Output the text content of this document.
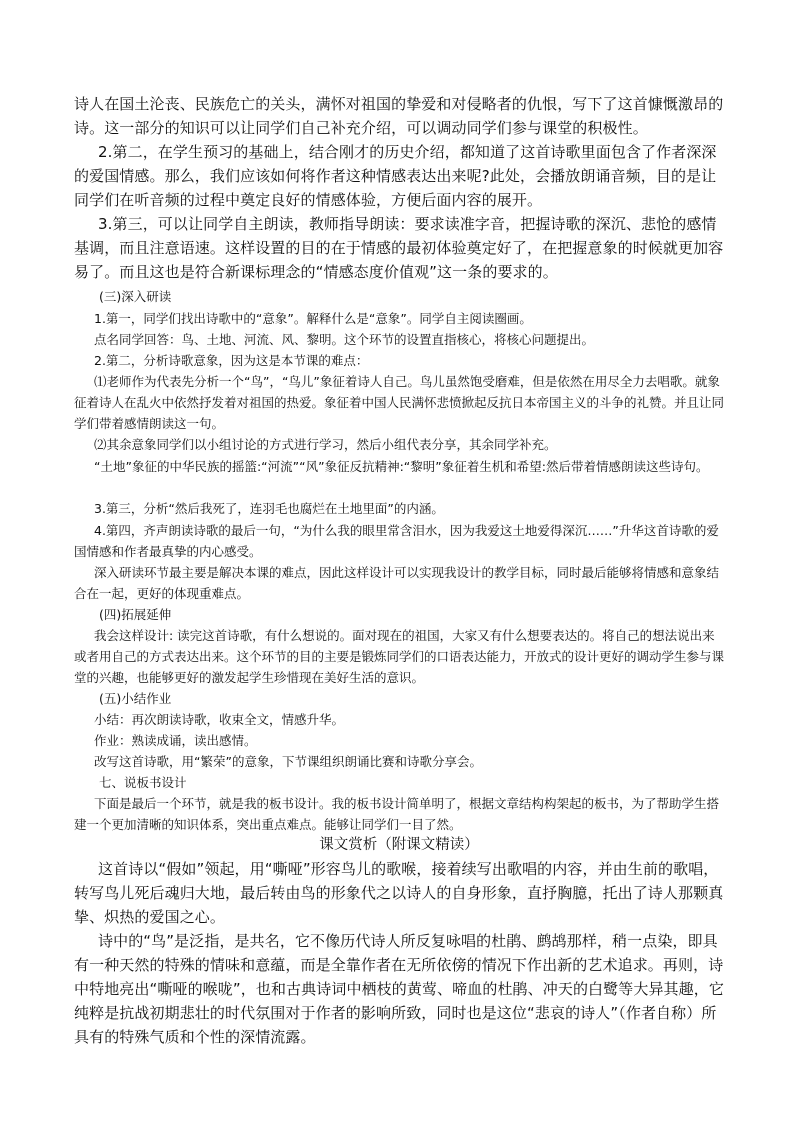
诗人在国土沦丧、民族危亡的关头，满怀对祖国的挚爱和对侵略者的仇恨，写下了这首慷慨激昂的诗。这一部分的知识可以让同学们自己补充介绍，可以调动同学们参与课堂的积极性。

2.第二，在学生预习的基础上，结合刚才的历史介绍，都知道了这首诗歌里面包含了作者深深的爱国情感。那么，我们应该如何将作者这种情感表达出来呢?此处，会播放朗诵音频，目的是让同学们在听音频的过程中奠定良好的情感体验，方便后面内容的展开。

3.第三，可以让同学自主朗读，教师指导朗读：要求读准字音，把握诗歌的深沉、悲怆的感情基调，而且注意语速。这样设置的目的在于情感的最初体验奠定好了，在把握意象的时候就更加容易了。而且这也是符合新课标理念的“情感态度价值观”这一条的要求的。

(三)深入研读

1.第一，同学们找出诗歌中的“意象”。解释什么是“意象”。同学自主阅读圈画。

点名同学回答：鸟、土地、河流、风、黎明。这个环节的设置直指核心，将核心问题提出。

2.第二，分析诗歌意象，因为这是本节课的难点：

⑴老师作为代表先分析一个“鸟”，“鸟儿”象征着诗人自己。鸟儿虽然饱受磨难，但是依然在用尽全力去唱歌。就象征着诗人在乱火中依然抒发着对祖国的热爱。象征着中国人民满怀悲愤掀起反抗日本帝国主义的斗争的礼赞。并且让同学们带着感情朗读这一句。

⑵其余意象同学们以小组讨论的方式进行学习，然后小组代表分享，其余同学补充。

“土地”象征的中华民族的摇篮:“河流”“风”象征反抗精神:“黎明”象征着生机和希望:然后带着情感朗读这些诗句。

3.第三，分析“然后我死了，连羽毛也腐烂在土地里面”的内涵。

4.第四，齐声朗读诗歌的最后一句，“为什么我的眼里常含泪水，因为我爱这土地爱得深沉……”升华这首诗歌的爱国情感和作者最真挚的内心感受。

深入研读环节最主要是解决本课的难点，因此这样设计可以实现我设计的教学目标，同时最后能够将情感和意象结合在一起，更好的体现重难点。

(四)拓展延伸

我会这样设计: 读完这首诗歌，有什么想说的。面对现在的祖国，大家又有什么想要表达的。将自己的想法说出来或者用自己的方式表达出来。这个环节的目的主要是锻炼同学们的口语表达能力，开放式的设计更好的调动学生参与课堂的兴趣，也能够更好的激发起学生珍惜现在美好生活的意识。

(五)小结作业

小结：再次朗读诗歌，收束全文，情感升华。

作业：熟读成诵，读出感情。

改写这首诗歌，用“繁荣”的意象，下节课组织朗诵比赛和诗歌分享会。

七、说板书设计

下面是最后一个环节，就是我的板书设计。我的板书设计简单明了，根据文章结构构架起的板书，为了帮助学生搭建一个更加清晰的知识体系，突出重点难点。能够让同学们一目了然。

课文赏析（附课文精读）

这首诗以“假如”领起，用“嘶哑”形容鸟儿的歌喉，接着续写出歌唱的内容，并由生前的歌唱，转写鸟儿死后魂归大地，最后转由鸟的形象代之以诗人的自身形象，直抒胸臆，托出了诗人那颗真挚、炽热的爱国之心。

诗中的“鸟”是泛指，是共名，它不像历代诗人所反复咏唱的杜鹃、鹧鸪那样，稍一点染，即具有一种天然的特殊的情味和意蕴，而是全靠作者在无所依傍的情况下作出新的艺术追求。再则，诗中特地亮出“嘶哑的喉咙”，也和古典诗词中栖枝的黄莺、啼血的杜鹃、冲天的白鹭等大异其趣，它纯粹是抗战初期悲壮的时代氛围对于作者的影响所致，同时也是这位“悲哀的诗人”（作者自称）所具有的特殊气质和个性的深情流露。
